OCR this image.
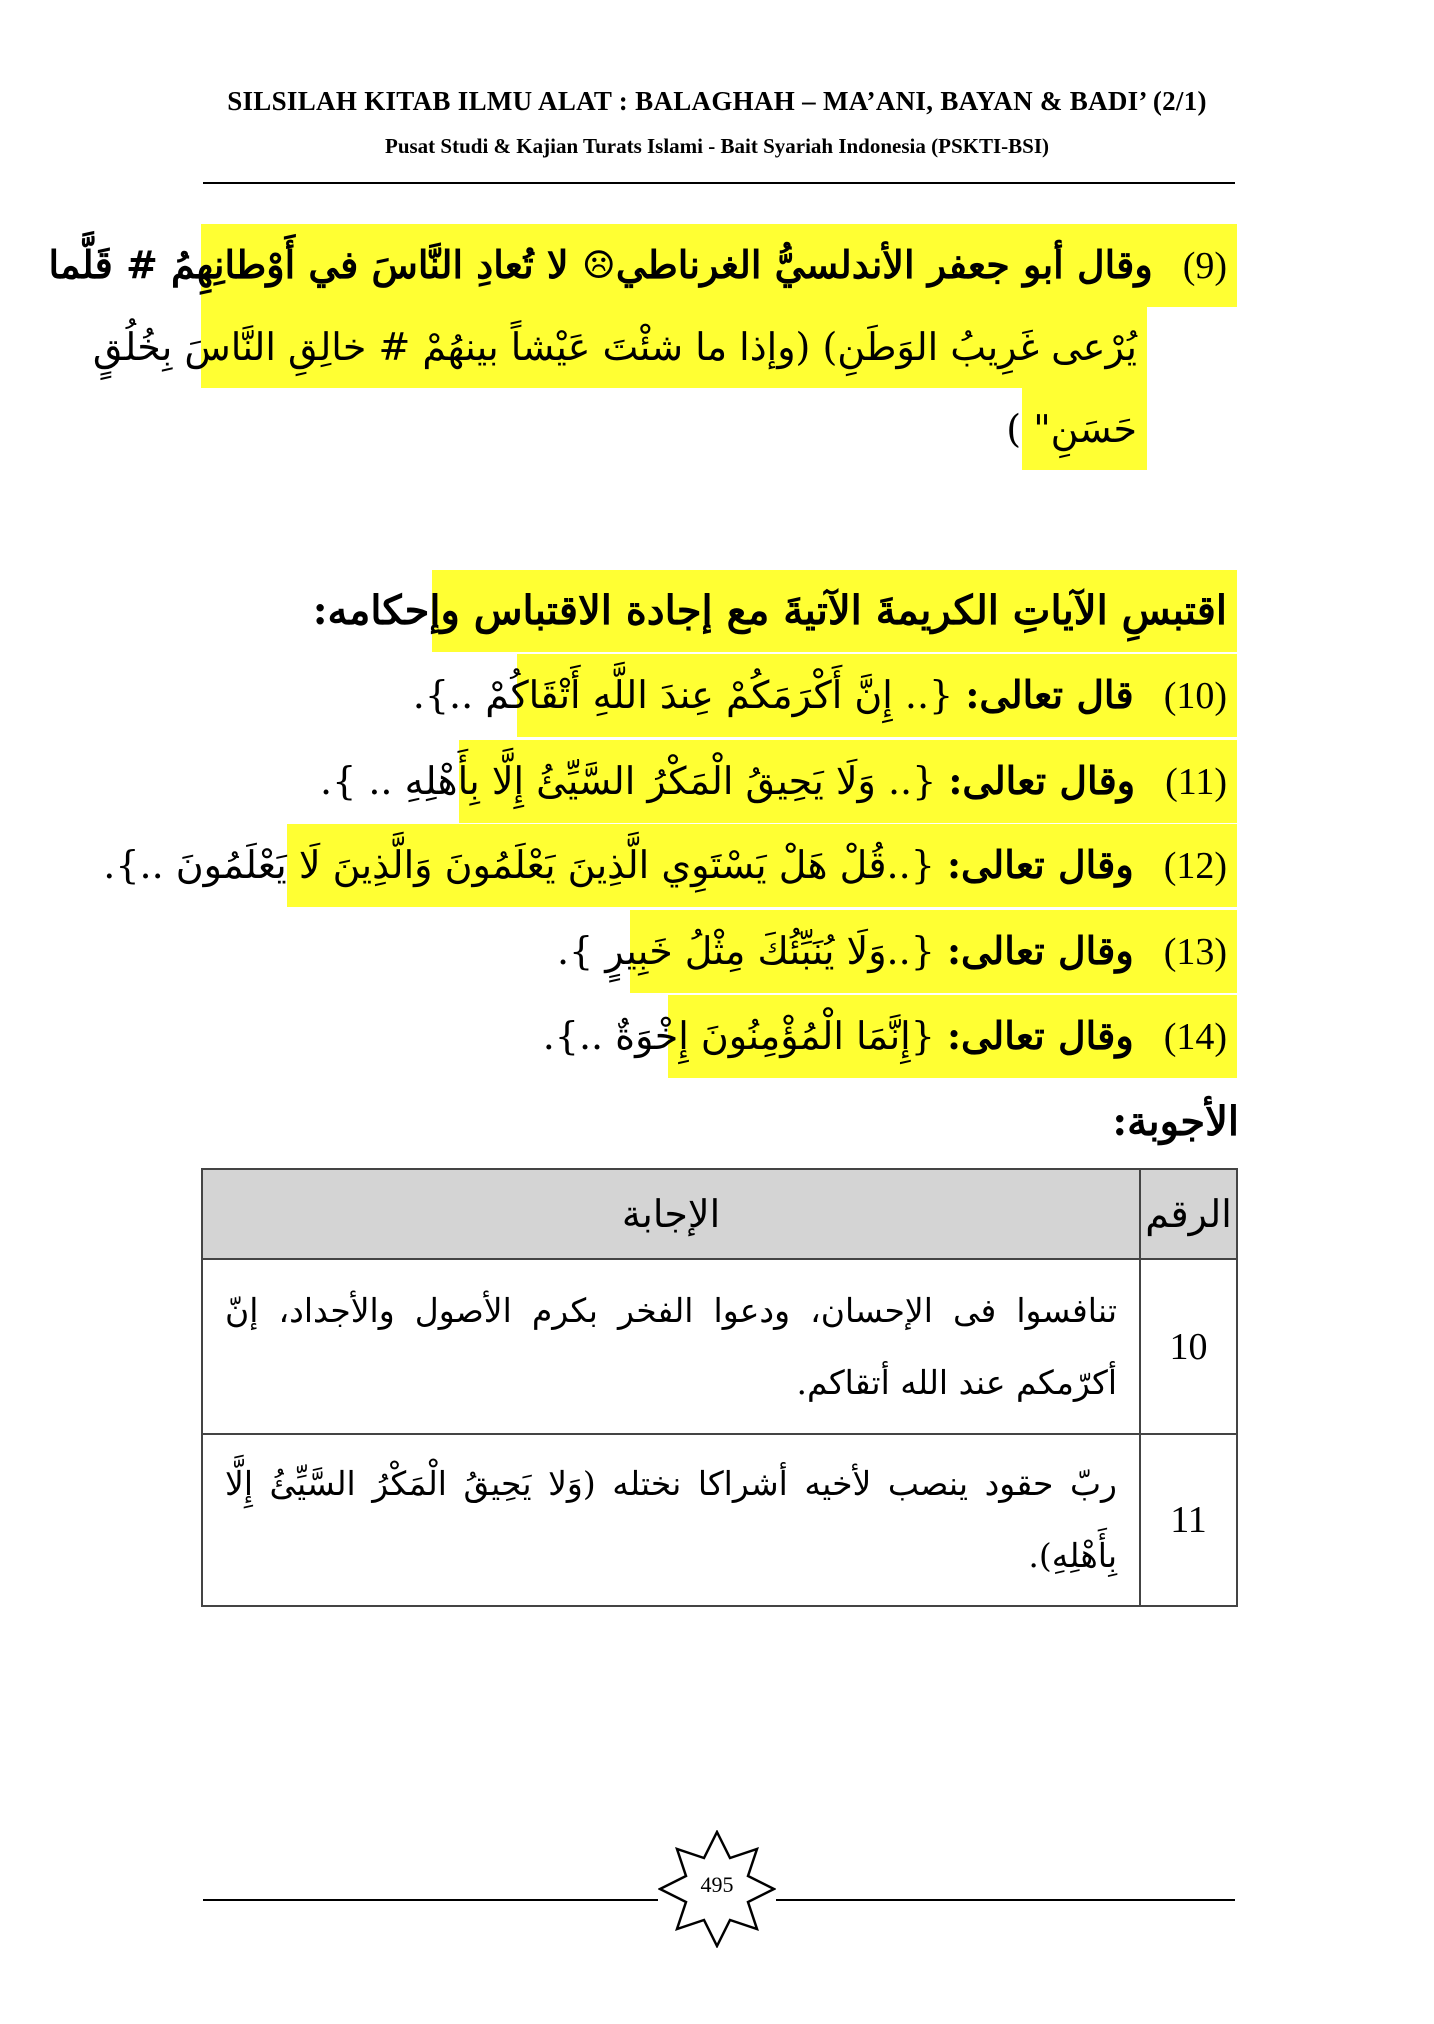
SILSILAH KITAB ILMU ALAT : BALAGHAH – MA’ANI, BAYAN & BADI’ (2/1)
Pusat Studi & Kajian Turats Islami - Bait Syariah Indonesia (PSKTI-BSI)
(9)وقال أبو جعفر الأندلسيُّ الغرناطي☹ لا تُعادِ النَّاسَ في أَوْطانِهِمُ # قَلَّما
يُرْعى غَرِيبُ الوَطَنِ) (وإذا ما شئْتَ عَيْشاً بينهُمْ # خالِقِ النَّاسَ بِخُلُقٍ
حَسَنِ" )
اقتبسِ الآياتِ الكريمةَ الآتيةَ مع إجادة الاقتباس وإحكامه:
(10)قال تعالى: {.. إِنَّ أَكْرَمَكُمْ عِندَ اللَّهِ أَتْقَاكُمْ ..}.
(11)وقال تعالى: {.. وَلَا يَحِيقُ الْمَكْرُ السَّيِّئُ إِلَّا بِأَهْلِهِ .. }.
(12)وقال تعالى: {..قُلْ هَلْ يَسْتَوِي الَّذِينَ يَعْلَمُونَ وَالَّذِينَ لَا يَعْلَمُونَ ..}.
(13)وقال تعالى: {..وَلَا يُنَبِّئُكَ مِثْلُ خَبِيرٍ }.
(14)وقال تعالى: {إِنَّمَا الْمُؤْمِنُونَ إِخْوَةٌ ..}.
الأجوبة:
الرقم	الإجابة
10	تنافسوا فى الإحسان، ودعوا الفخر بكرم الأصول والأجداد، إنّ أكرّمكم عند الله أتقاكم.
11	ربّ حقود ينصب لأخيه أشراكا نختله (وَلا يَحِيقُ الْمَكْرُ السَّيِّئُ إِلَّا بِأَهْلِهِ).
495
